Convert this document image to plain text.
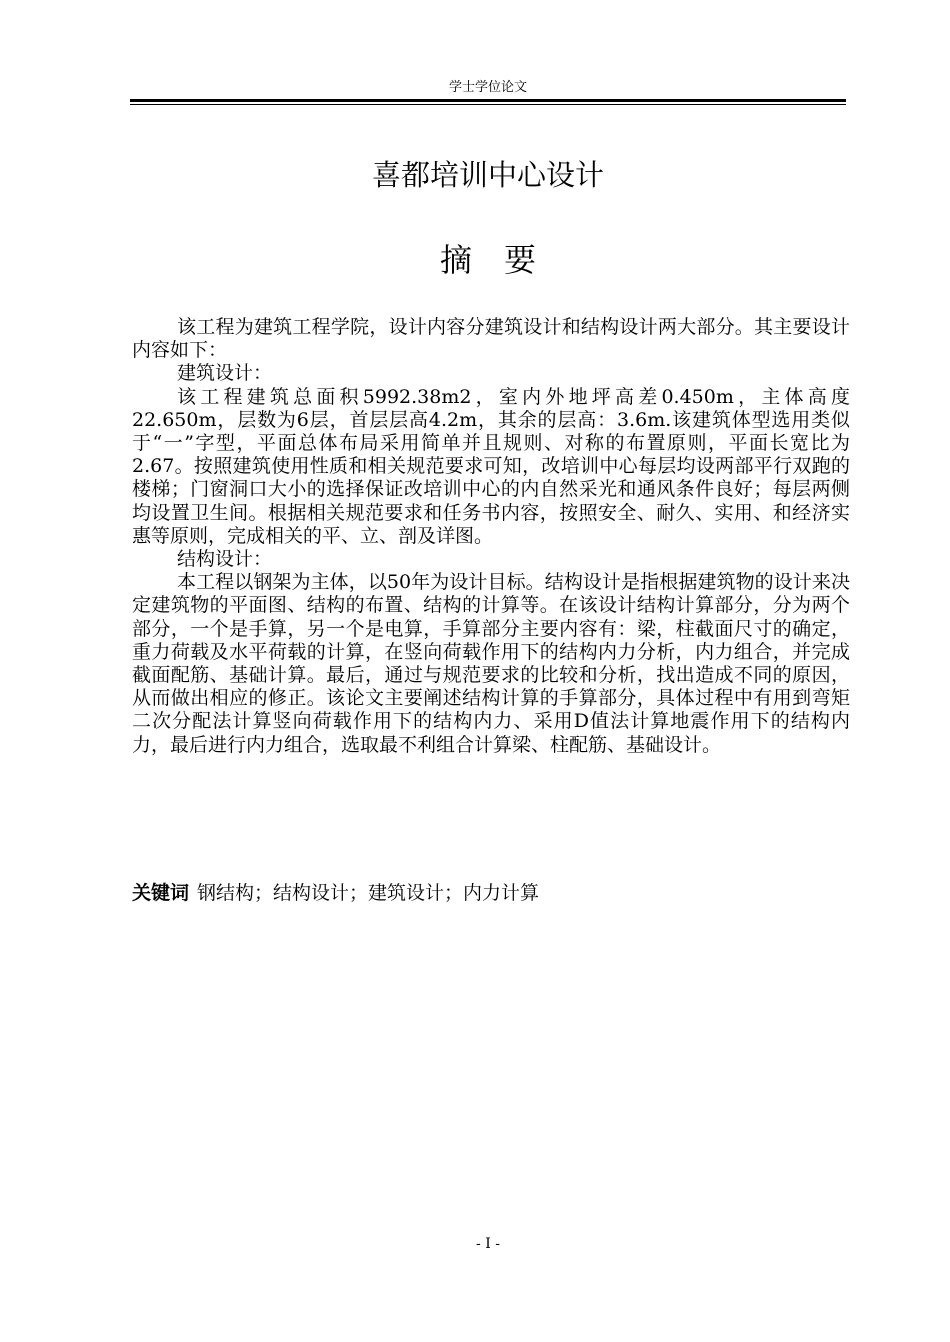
学士学位论文
喜都培训中心设计
摘要

该工程为建筑工程学院，设计内容分建筑设计和结构设计两大部分。其主要设计内容如下：

建筑设计：

该工程建筑总面积5992.38m2，室内外地坪高差0.450m，主体高度22.650m，层数为6层，首层层高4.2m，其余的层高：3.6m.该建筑体型选用类似于“一”字型，平面总体布局采用简单并且规则、对称的布置原则，平面长宽比为2.67。按照建筑使用性质和相关规范要求可知，改培训中心每层均设两部平行双跑的楼梯；门窗洞口大小的选择保证改培训中心的内自然采光和通风条件良好；每层两侧均设置卫生间。根据相关规范要求和任务书内容，按照安全、耐久、实用、和经济实惠等原则，完成相关的平、立、剖及详图。

结构设计：

本工程以钢架为主体，以50年为设计目标。结构设计是指根据建筑物的设计来决定建筑物的平面图、结构的布置、结构的计算等。在该设计结构计算部分，分为两个部分，一个是手算，另一个是电算，手算部分主要内容有：梁，柱截面尺寸的确定，重力荷载及水平荷载的计算，在竖向荷载作用下的结构内力分析，内力组合，并完成截面配筋、基础计算。最后，通过与规范要求的比较和分析，找出造成不同的原因，从而做出相应的修正。该论文主要阐述结构计算的手算部分，具体过程中有用到弯矩二次分配法计算竖向荷载作用下的结构内力、采用D值法计算地震作用下的结构内力，最后进行内力组合，选取最不利组合计算梁、柱配筋、基础设计。

关键词 钢结构；结构设计；建筑设计；内力计算
- I -
